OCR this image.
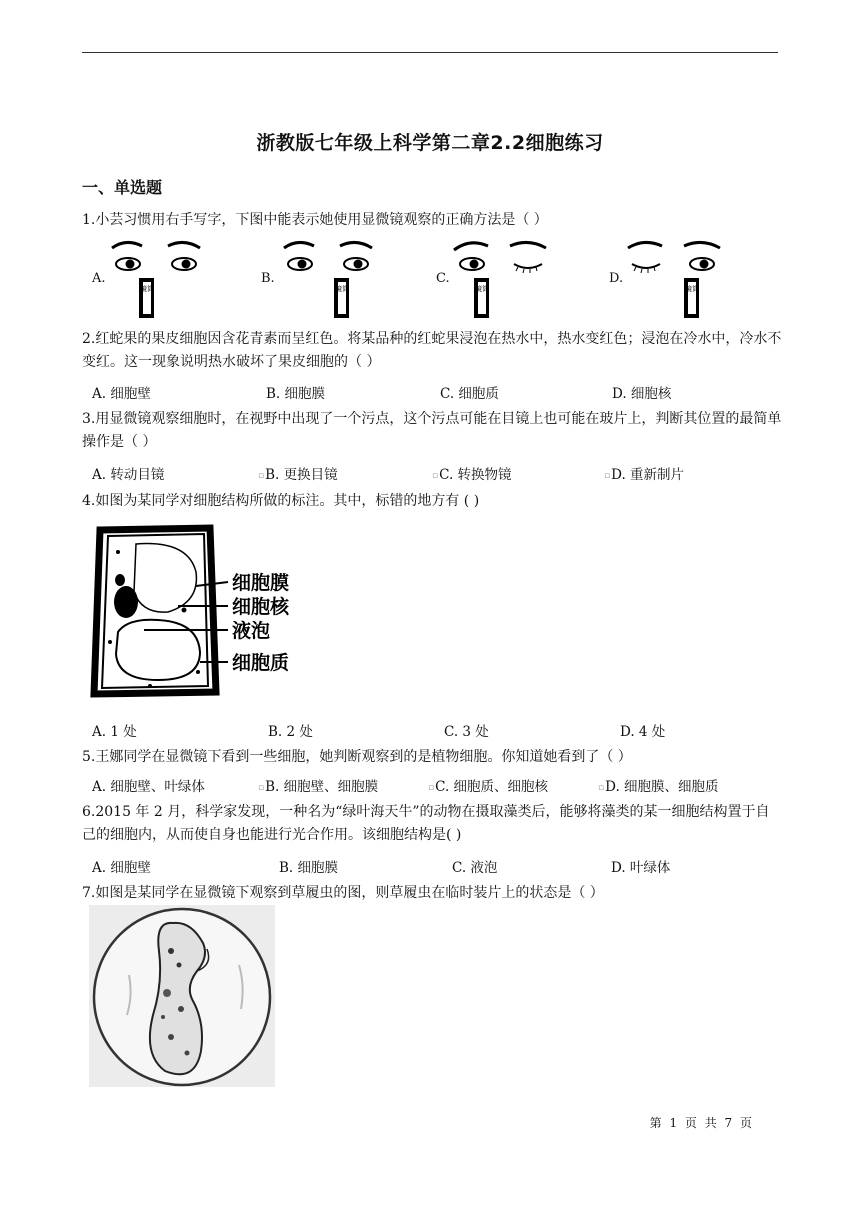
浙教版七年级上科学第二章2.2细胞练习
一、单选题
1.小芸习惯用右手写字，下图中能表示她使用显微镜观察的正确方法是（ ）
A.	B.	C.	D.
镜筒	镜筒	镜筒	镜筒
2.红蛇果的果皮细胞因含花青素而呈红色。将某品种的红蛇果浸泡在热水中，热水变红色；浸泡在冷水中，冷水不变红。这一现象说明热水破坏了果皮细胞的（ ）
A. 细胞壁	B. 细胞膜	C. 细胞质	D. 细胞核
3.用显微镜观察细胞时，在视野中出现了一个污点，这个污点可能在目镜上也可能在玻片上，判断其位置的最简单操作是（ ）
A. 转动目镜	▫B. 更换目镜	▫C. 转换物镜	▫D. 重新制片
4.如图为某同学对细胞结构所做的标注。其中，标错的地方有 ( )
细胞膜
细胞核
液泡
细胞质
A. 1 处	B. 2 处	C. 3 处	D. 4 处
5.王娜同学在显微镜下看到一些细胞，她判断观察到的是植物细胞。你知道她看到了（ ）
A. 细胞壁、叶绿体	▫B. 细胞壁、细胞膜	▫C. 细胞质、细胞核	▫D. 细胞膜、细胞质
6.2015 年 2 月，科学家发现，一种名为“绿叶海天牛”的动物在摄取藻类后，能够将藻类的某一细胞结构置于自己的细胞内，从而使自身也能进行光合作用。该细胞结构是( )
A. 细胞壁	B. 细胞膜	C. 液泡	D. 叶绿体
7.如图是某同学在显微镜下观察到草履虫的图，则草履虫在临时装片上的状态是（ ）
第 1 页 共 7 页
